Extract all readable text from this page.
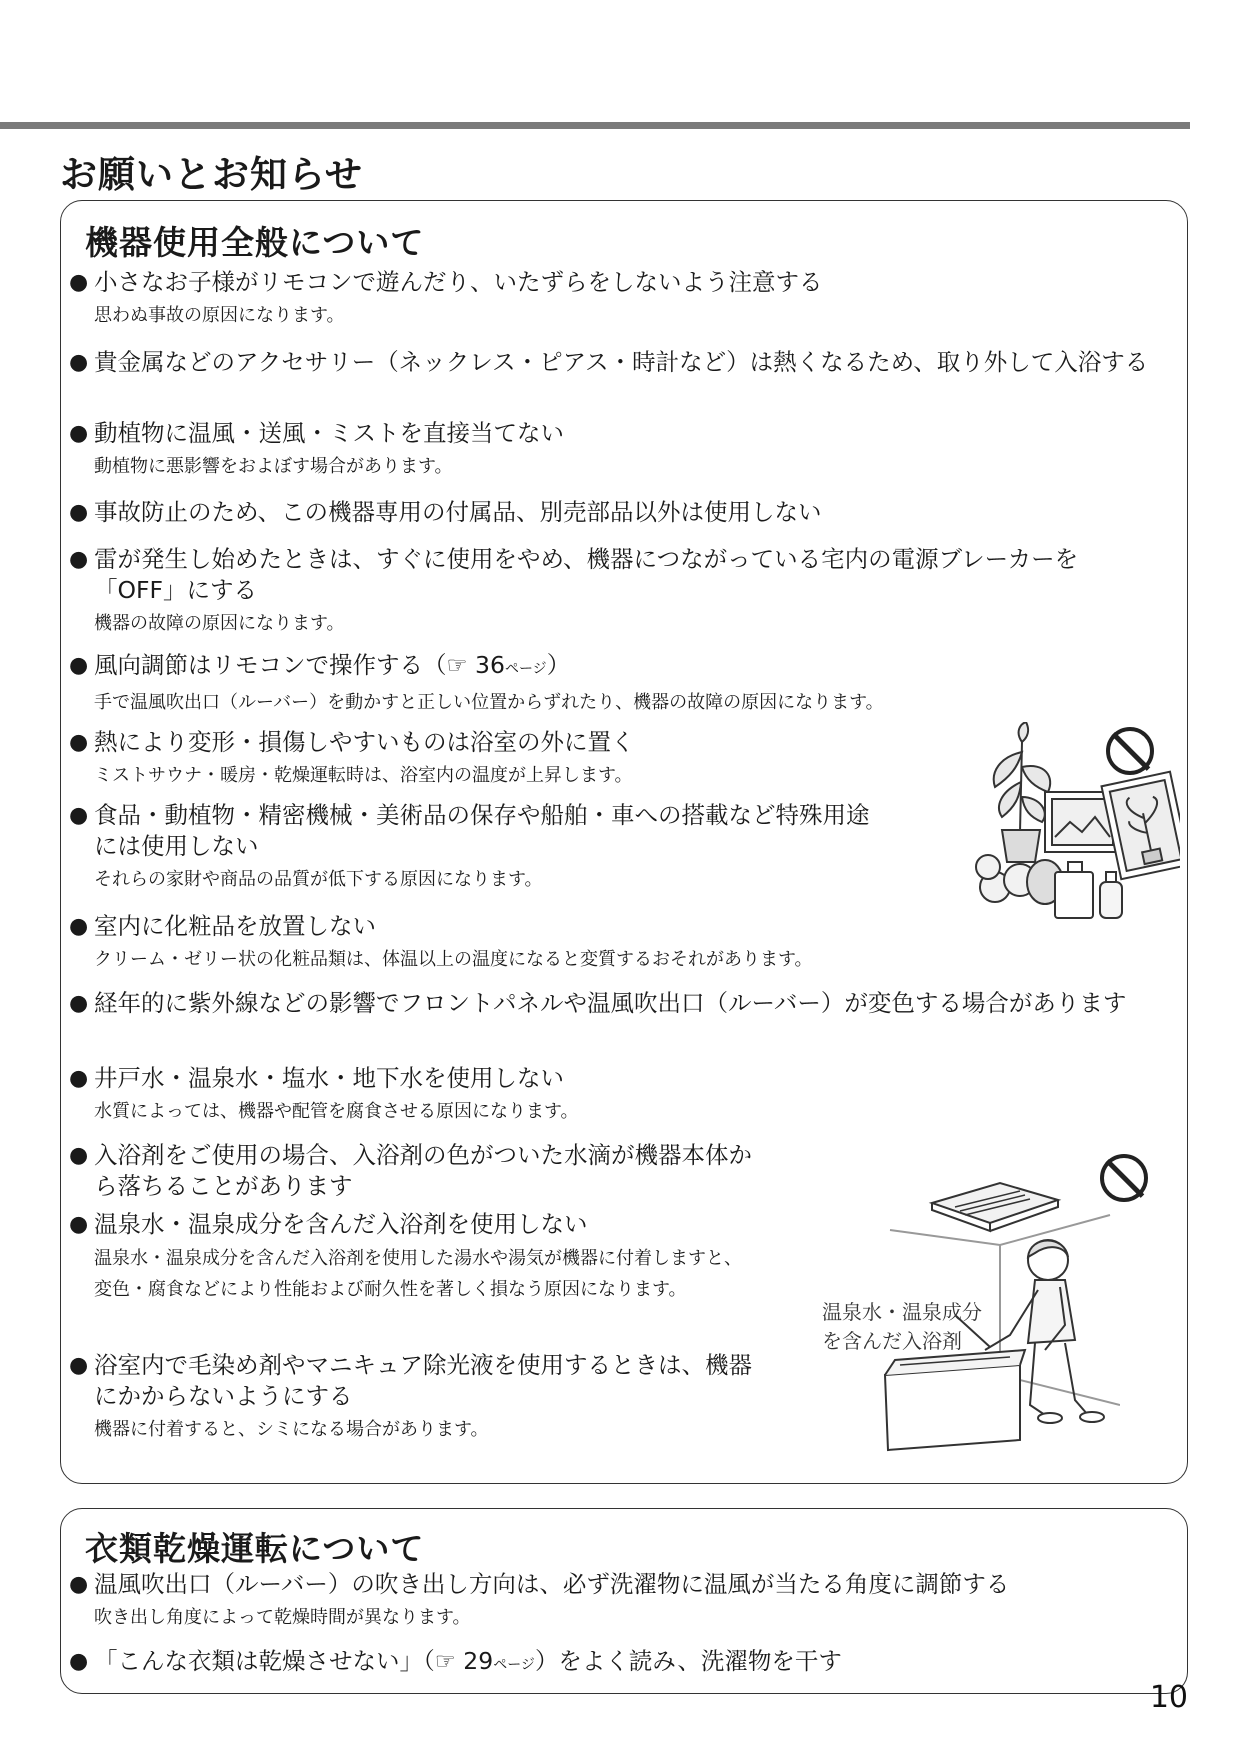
お願いとお知らせ
機器使用全般について
● 小さなお子様がリモコンで遊んだり、いたずらをしないよう注意する
思わぬ事故の原因になります。
● 貴金属などのアクセサリー（ネックレス・ピアス・時計など）は熱くなるため、取り外して入浴する
● 動植物に温風・送風・ミストを直接当てない
動植物に悪影響をおよぼす場合があります。
● 事故防止のため、この機器専用の付属品、別売部品以外は使用しない
● 雷が発生し始めたときは、すぐに使用をやめ、機器につながっている宅内の電源ブレーカーを「OFF」にする
機器の故障の原因になります。
● 風向調節はリモコンで操作する（☞ 36ページ）
手で温風吹出口（ルーバー）を動かすと正しい位置からずれたり、機器の故障の原因になります。
● 熱により変形・損傷しやすいものは浴室の外に置く
ミストサウナ・暖房・乾燥運転時は、浴室内の温度が上昇します。
● 食品・動植物・精密機械・美術品の保存や船舶・車への搭載など特殊用途には使用しない
それらの家財や商品の品質が低下する原因になります。
● 室内に化粧品を放置しない
クリーム・ゼリー状の化粧品類は、体温以上の温度になると変質するおそれがあります。
● 経年的に紫外線などの影響でフロントパネルや温風吹出口（ルーバー）が変色する場合があります
● 井戸水・温泉水・塩水・地下水を使用しない
水質によっては、機器や配管を腐食させる原因になります。
● 入浴剤をご使用の場合、入浴剤の色がついた水滴が機器本体から落ちることがあります
● 温泉水・温泉成分を含んだ入浴剤を使用しない
温泉水・温泉成分を含んだ入浴剤を使用した湯水や湯気が機器に付着しますと、変色・腐食などにより性能および耐久性を著しく損なう原因になります。
● 浴室内で毛染め剤やマニキュア除光液を使用するときは、機器にかからないようにする
機器に付着すると、シミになる場合があります。
温泉水・温泉成分
を含んだ入浴剤
衣類乾燥運転について
● 温風吹出口（ルーバー）の吹き出し方向は、必ず洗濯物に温風が当たる角度に調節する
吹き出し角度によって乾燥時間が異なります。
● 「こんな衣類は乾燥させない」（☞ 29ページ）をよく読み、洗濯物を干す
10
